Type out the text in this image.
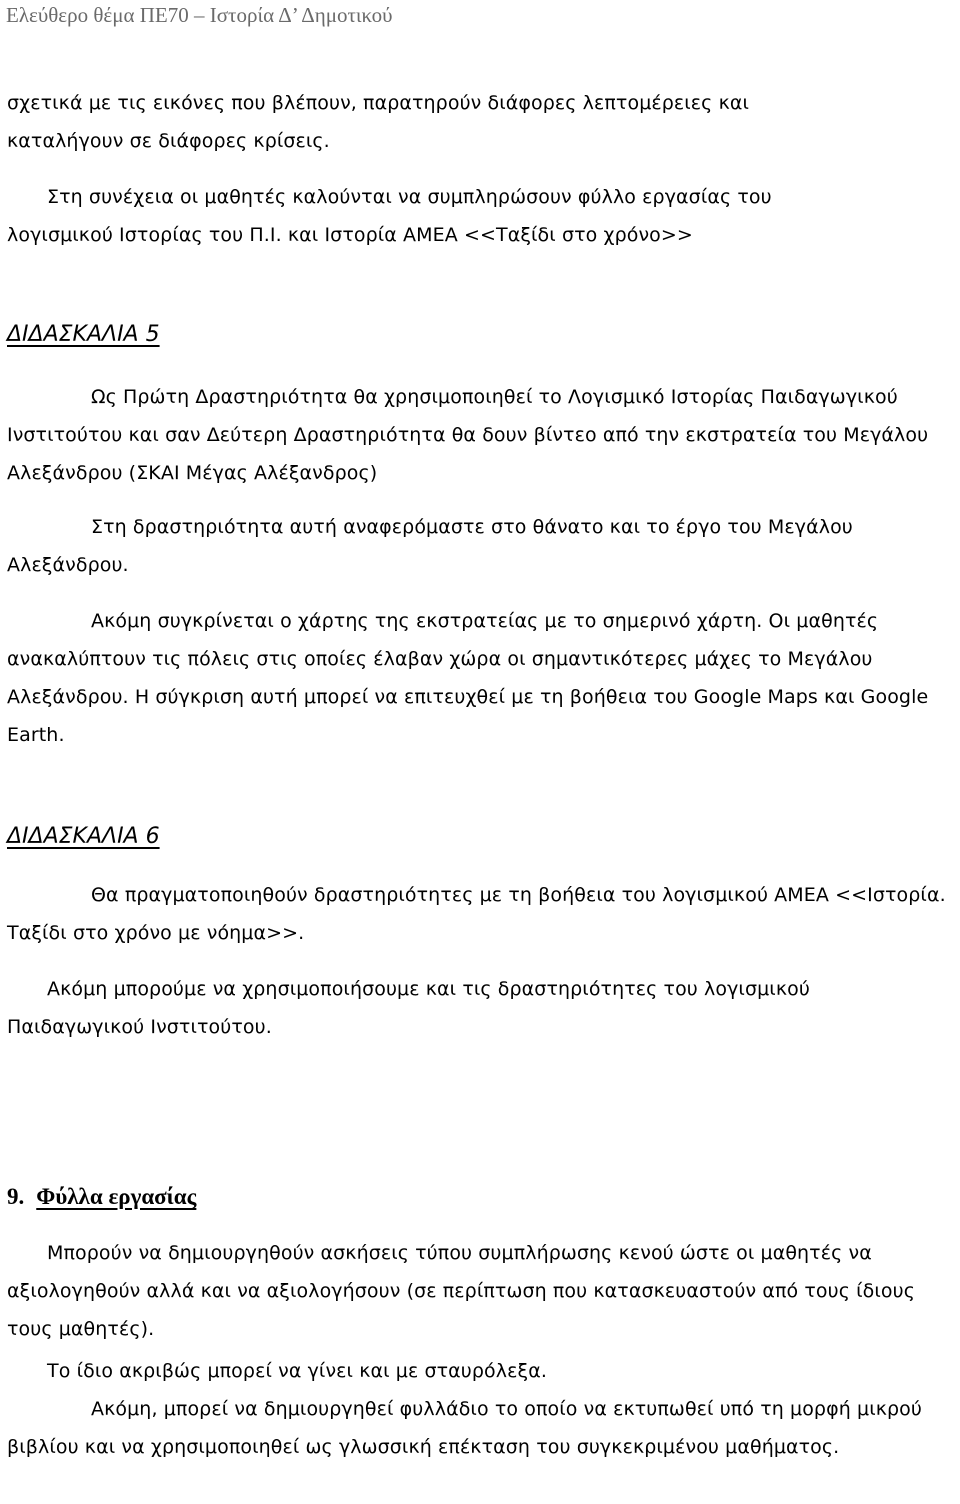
Ελεύθερο θέμα ΠΕ70 – Ιστορία Δ’ Δημοτικού
σχετικά με τις εικόνες που βλέπουν, παρατηρούν διάφορες λεπτομέρειες και
καταλήγουν σε διάφορες κρίσεις.
Στη συνέχεια οι μαθητές καλούνται να συμπληρώσουν φύλλο εργασίας του
λογισμικού Ιστορίας του Π.Ι. και Ιστορία ΑΜΕΑ <<Ταξίδι στο χρόνο>>
ΔΙΔΑΣΚΑΛΙΑ 5

Ως Πρώτη Δραστηριότητα θα χρησιμοποιηθεί το Λογισμικό Ιστορίας Παιδαγωγικού Ινστιτούτου και σαν Δεύτερη Δραστηριότητα θα δουν βίντεο από την εκστρατεία του Μεγάλου Αλεξάνδρου (ΣΚΑΙ Μέγας Αλέξανδρος)

Στη δραστηριότητα αυτή αναφερόμαστε στο θάνατο και το έργο του Μεγάλου Αλεξάνδρου.

Ακόμη συγκρίνεται ο χάρτης της εκστρατείας με το σημερινό χάρτη. Οι μαθητές ανακαλύπτουν τις πόλεις στις οποίες έλαβαν χώρα οι σημαντικότερες μάχες το Μεγάλου Αλεξάνδρου. Η σύγκριση αυτή μπορεί να επιτευχθεί με τη βοήθεια του Google Maps και Google Earth.

ΔΙΔΑΣΚΑΛΙΑ 6

Θα πραγματοποιηθούν δραστηριότητες με τη βοήθεια του λογισμικού ΑΜΕΑ <<Ιστορία. Ταξίδι στο χρόνο με νόημα>>.

Ακόμη μπορούμε να χρησιμοποιήσουμε και τις δραστηριότητες του λογισμικού Παιδαγωγικού Ινστιτούτου.

9. Φύλλα εργασίας

Μπορούν να δημιουργηθούν ασκήσεις τύπου συμπλήρωσης κενού ώστε οι μαθητές να αξιολογηθούν αλλά και να αξιολογήσουν (σε περίπτωση που κατασκευαστούν από τους ίδιους τους μαθητές).

Το ίδιο ακριβώς μπορεί να γίνει και με σταυρόλεξα.

Ακόμη, μπορεί να δημιουργηθεί φυλλάδιο το οποίο να εκτυπωθεί υπό τη μορφή μικρού βιβλίου και να χρησιμοποιηθεί ως γλωσσική επέκταση του συγκεκριμένου μαθήματος.
